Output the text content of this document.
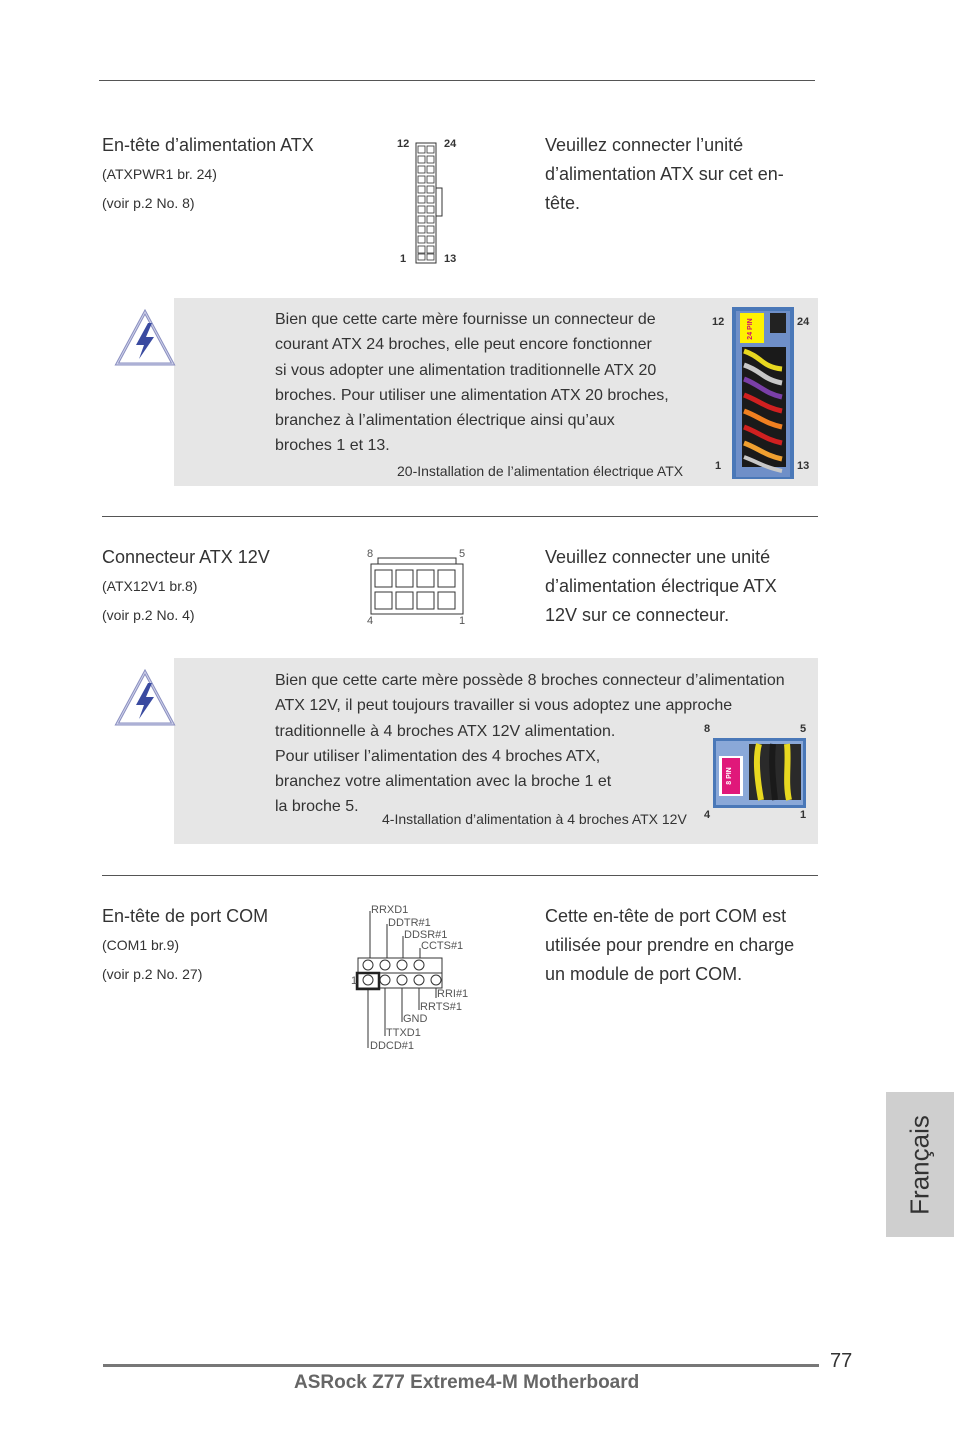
En-tête d’alimentation ATX
(ATXPWR1 br. 24)
(voir p.2 No. 8)
12	24
1	13
Veuillez connecter l’unité
d’alimentation ATX sur cet en-
tête.
Bien que cette carte mère fournisse un connecteur de
courant ATX 24 broches, elle peut encore fonctionner
si vous adopter une alimentation traditionnelle ATX 20
broches. Pour utiliser une alimentation ATX 20 broches,
branchez à l’alimentation électrique ainsi qu’aux
broches 1 et 13.
20-Installation de l’alimentation électrique ATX
12	24
1	13
24 PIN
Connecteur ATX 12V
(ATX12V1 br.8)
(voir p.2 No. 4)
8	5
4	1
Veuillez connecter une unité
d’alimentation électrique ATX
12V sur ce connecteur.
Bien que cette carte mère possède 8 broches connecteur d’alimentation
ATX 12V, il peut toujours travailler si vous adoptez une approche
traditionnelle à 4 broches ATX 12V alimentation.
Pour utiliser l’alimentation des 4 broches ATX,
branchez votre alimentation avec la broche 1 et
la broche 5.
4-Installation d’alimentation à 4 broches ATX 12V
8	5
4	1
8 PIN
En-tête de port COM
(COM1 br.9)
(voir p.2 No. 27)
RRXD1
DDTR#1
DDSR#1
CCTS#1
1
RRI#1
RRTS#1
GND
TTXD1
DDCD#1
Cette en-tête de port COM est
utilisée pour prendre en charge
un module de port COM.
Français
77
ASRock Z77 Extreme4-M Motherboard
